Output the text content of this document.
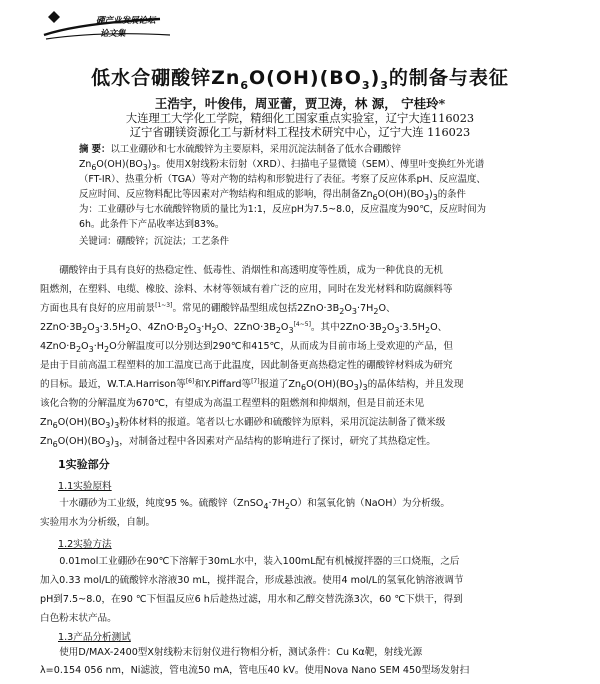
硼产业发展论坛
论文集
低水合硼酸锌$Zn_6O(OH)(BO_3)_3$的制备与表征
王浩宇，叶俊伟，周亚蕾，贾卫涛，林 源， 宁桂玲*
大连理工大学化工学院，精细化工国家重点实验室，辽宁大连116023
辽宁省硼镁资源化工与新材料工程技术研究中心，辽宁大连 116023
摘 要：以工业硼砂和七水硫酸锌为主要原料，采用沉淀法制备了低水合硼酸锌
$Zn_6O(OH)(BO_3)_3$。使用X射线粉末衍射（XRD）、扫描电子显微镜（SEM）、傅里叶变换红外光谱
（FT-IR）、热重分析（TGA）等对产物的结构和形貌进行了表征。考察了反应体系pH、反应温度、
反应时间、反应物料配比等因素对产物结构和组成的影响，得出制备$Zn_6O(OH)(BO_3)_3$的条件
为：工业硼砂与七水硫酸锌物质的量比为1:1，反应pH为7.5~8.0，反应温度为90℃，反应时间为
6h。此条件下产品收率达到83%。
关键词：硼酸锌；沉淀法；工艺条件
硼酸锌由于具有良好的热稳定性、低毒性、消烟性和高透明度等性质，成为一种优良的无机
阻燃剂，在塑料、电缆、橡胶、涂料、木材等领域有着广泛的应用，同时在发光材料和防腐颜料等
方面也具有良好的应用前景[1~3]。常见的硼酸锌晶型组成包括$2ZnO\cdot 3B_2O_3\cdot 7H_2O$、
$2ZnO\cdot 3B_2O_3\cdot 3.5H_2O$、$4ZnO\cdot B_2O_3\cdot H_2O$、$2ZnO\cdot 3B_2O_3[4\sim 5]$。其中$2ZnO\cdot 3B_2O_3\cdot 3.5H_2O$、
$4ZnO\cdot B_2O_3\cdot H_2O$分解温度可以分别达到290℃和415℃，从而成为目前市场上受欢迎的产品，但
是由于目前高温工程塑料的加工温度已高于此温度，因此制备更高热稳定性的硼酸锌材料成为研究
的目标。最近，W.T.A.Harrison等[6]和Y.Piffard等[7]报道了$Zn_6O(OH)(BO_3)_3$的晶体结构，并且发现
该化合物的分解温度为670℃，有望成为高温工程塑料的阻燃剂和抑烟剂，但是目前还未见
$Zn_6O(OH)(BO_3)_3$粉体材料的报道。笔者以七水硼砂和硫酸锌为原料，采用沉淀法制备了微米级
$Zn_6O(OH)(BO_3)_3$，对制备过程中各因素对产品结构的影响进行了探讨，研究了其热稳定性。
1实验部分
1.1实验原料
十水硼砂为工业级，纯度95 %。硫酸锌$(ZnSO_4\cdot 7H_2O)$和氢氧化钠（NaOH）为分析级。
实验用水为分析级，自制。
1.2实验方法
0.01mol工业硼砂在90℃下溶解于30mL水中，装入100mL配有机械搅拌器的三口烧瓶，之后
加入0.33 mol/L的硫酸锌水溶液30 mL，搅拌混合，形成悬浊液。使用4 mol/L的氢氧化钠溶液调节
pH到7.5~8.0，在90 ℃下恒温反应6 h后趁热过滤，用水和乙醇交替洗涤3次，60 ℃下烘干，得到
白色粉末状产品。
1.3产品分析测试
使用D/MAX-2400型X射线粉末衍射仪进行物相分析，测试条件：Cu Kα靶，射线光源
λ=0.154 056 nm，Ni滤波，管电流50 mA，管电压40 kV。使用Nova Nano SEM 450型场发射扫
